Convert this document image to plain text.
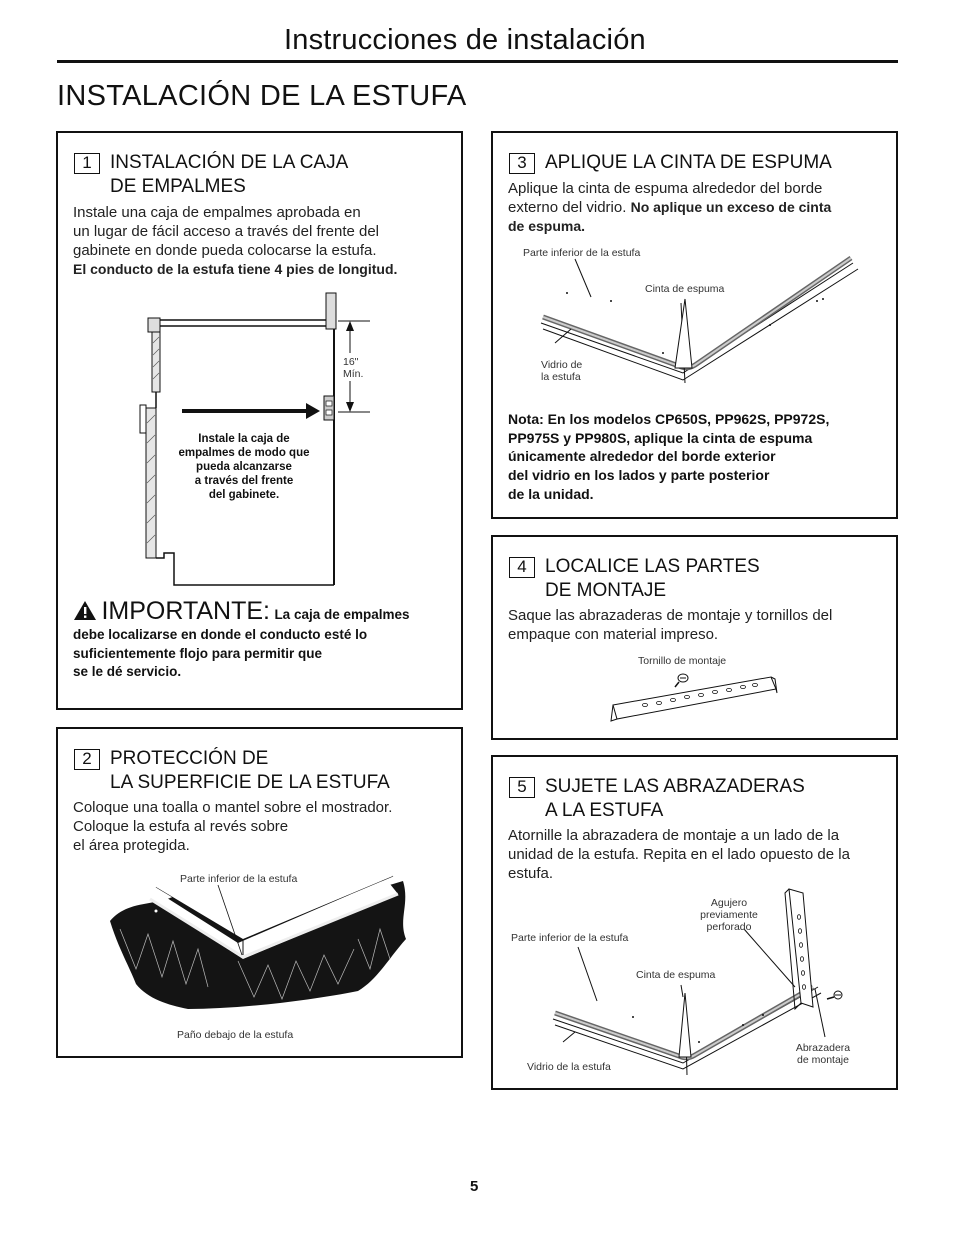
Instrucciones de instalación
INSTALACIÓN DE LA ESTUFA
1 INSTALACIÓN DE LA CAJA
DE EMPALMES
Instale una caja de empalmes aprobada en
un lugar de fácil acceso a través del frente del
gabinete en donde pueda colocarse la estufa.
El conducto de la estufa tiene 4 pies de longitud.
16"
Mín.
Instale la caja de
empalmes de modo que
pueda alcanzarse
a través del frente
del gabinete.
IMPORTANTE: La caja de empalmes
debe localizarse en donde el conducto esté lo
suficientemente flojo para permitir que
se le dé servicio.
2 PROTECCIÓN DE
LA SUPERFICIE DE LA ESTUFA
Coloque una toalla o mantel sobre el mostrador.
Coloque la estufa al revés sobre
el área protegida.
Parte inferior de la estufa
Paño debajo de la estufa
3 APLIQUE LA CINTA DE ESPUMA
Aplique la cinta de espuma alrededor del borde
externo del vidrio. No aplique un exceso de cinta
de espuma.
Parte inferior de la estufa
Cinta de espuma
Vidrio de
la estufa
Nota: En los modelos CP650S, PP962S, PP972S,
PP975S y PP980S, aplique la cinta de espuma
únicamente alrededor del borde exterior
del vidrio en los lados y parte posterior
de la unidad.
4 LOCALICE LAS PARTES
DE MONTAJE
Saque las abrazaderas de montaje y tornillos del
empaque con material impreso.
Tornillo de montaje
5 SUJETE LAS ABRAZADERAS
A LA ESTUFA
Atornille la abrazadera de montaje a un lado de la
unidad de la estufa. Repita en el lado opuesto de la
estufa.
Agujero
previamente
perforado
Parte inferior de la estufa
Cinta de espuma
Abrazadera
de montaje
Vidrio de la estufa
5
